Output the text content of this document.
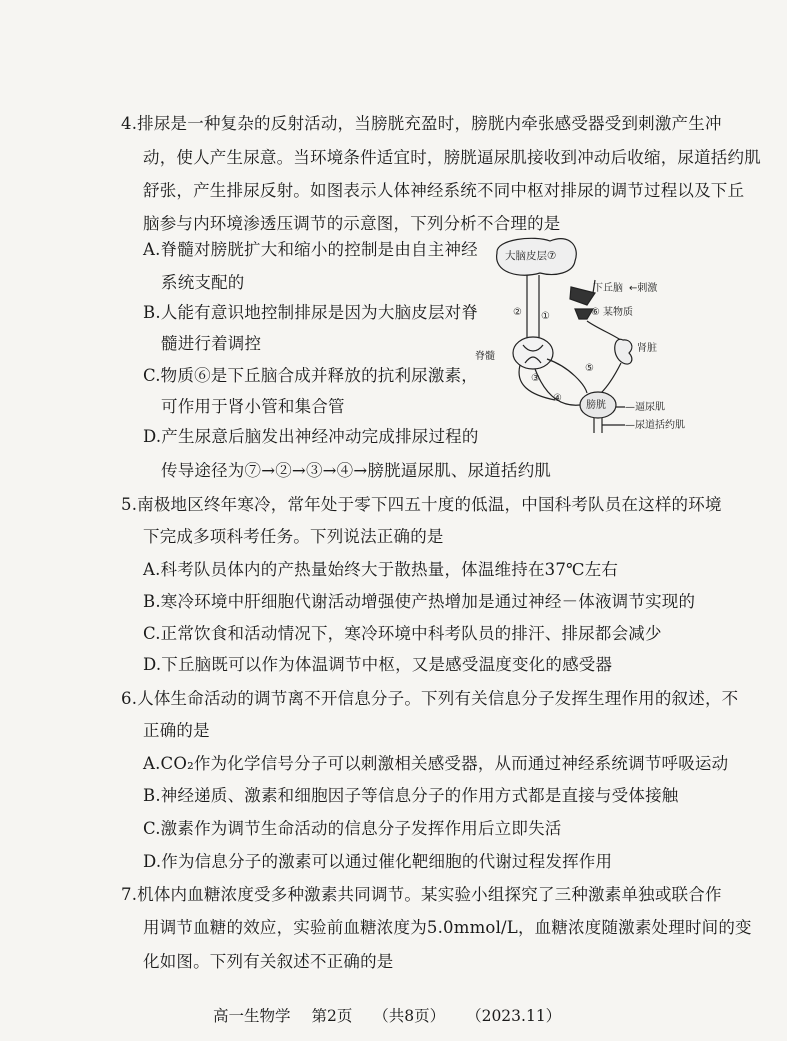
4.排尿是一种复杂的反射活动，当膀胱充盈时，膀胱内牵张感受器受到刺激产生冲
动，使人产生尿意。当环境条件适宜时，膀胱逼尿肌接收到冲动后收缩，尿道括约肌
舒张，产生排尿反射。如图表示人体神经系统不同中枢对排尿的调节过程以及下丘
脑参与内环境渗透压调节的示意图，下列分析不合理的是
A.脊髓对膀胱扩大和缩小的控制是由自主神经
系统支配的
B.人能有意识地控制排尿是因为大脑皮层对脊
髓进行着调控
C.物质⑥是下丘脑合成并释放的抗利尿激素，
可作用于肾小管和集合管
D.产生尿意后脑发出神经冲动完成排尿过程的
传导途径为⑦→②→③→④→膀胱逼尿肌、尿道括约肌
大脑皮层⑦
下丘脑 ←刺激
⑥ 某物质
肾脏
脊髓
膀胱 —逼尿肌
—尿道括约肌
①
②
③
④
⑤
5.南极地区终年寒冷，常年处于零下四五十度的低温，中国科考队员在这样的环境
下完成多项科考任务。下列说法正确的是
A.科考队员体内的产热量始终大于散热量，体温维持在37℃左右
B.寒冷环境中肝细胞代谢活动增强使产热增加是通过神经－体液调节实现的
C.正常饮食和活动情况下，寒冷环境中科考队员的排汗、排尿都会减少
D.下丘脑既可以作为体温调节中枢，又是感受温度变化的感受器
6.人体生命活动的调节离不开信息分子。下列有关信息分子发挥生理作用的叙述，不
正确的是
A.CO₂作为化学信号分子可以刺激相关感受器，从而通过神经系统调节呼吸运动
B.神经递质、激素和细胞因子等信息分子的作用方式都是直接与受体接触
C.激素作为调节生命活动的信息分子发挥作用后立即失活
D.作为信息分子的激素可以通过催化靶细胞的代谢过程发挥作用
7.机体内血糖浓度受多种激素共同调节。某实验小组探究了三种激素单独或联合作
用调节血糖的效应，实验前血糖浓度为5.0mmol/L，血糖浓度随激素处理时间的变
化如图。下列有关叙述不正确的是
高一生物学 第2页 （共8页） （2023.11）
